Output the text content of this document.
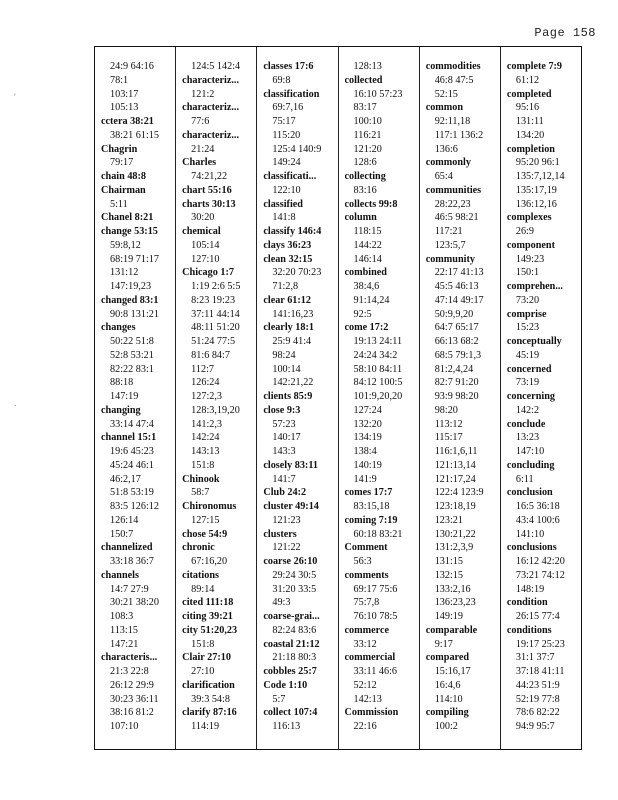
Page 158
'
.
24:9 64:16
78:1
103:17
105:13
cctera 38:21
38:21 61:15
Chagrin
79:17
chain 48:8
Chairman
5:11
Chanel 8:21
change 53:15
59:8,12
68:19 71:17
131:12
147:19,23
changed 83:1
90:8 131:21
changes
50:22 51:8
52:8 53:21
82:22 83:1
88:18
147:19
changing
33:14 47:4
channel 15:1
19:6 45:23
45:24 46:1
46:2,17
51:8 53:19
83:5 126:12
126:14
150:7
channelized
33:18 36:7
channels
14:7 27:9
30:21 38:20
108:3
113:15
147:21
characteris...
21:3 22:8
26:12 29:9
30:23 36:11
38:16 81:2
107:10
124:5 142:4
characteriz...
121:2
characteriz...
77:6
characteriz...
21:24
Charles
74:21,22
chart 55:16
charts 30:13
30:20
chemical
105:14
127:10
Chicago 1:7
1:19 2:6 5:5
8:23 19:23
37:11 44:14
48:11 51:20
51:24 77:5
81:6 84:7
112:7
126:24
127:2,3
128:3,19,20
141:2,3
142:24
143:13
151:8
Chinook
58:7
Chironomus
127:15
chose 54:9
chronic
67:16,20
citations
89:14
cited 111:18
citing 39:21
city 51:20,23
151:8
Clair 27:10
27:10
clarification
39:3 54:8
clarify 87:16
114:19
classes 17:6
69:8
classification
69:7,16
75:17
115:20
125:4 140:9
149:24
classificati...
122:10
classified
141:8
classify 146:4
clays 36:23
clean 32:15
32:20 70:23
71:2,8
clear 61:12
141:16,23
clearly 18:1
25:9 41:4
98:24
100:14
142:21,22
clients 85:9
close 9:3
57:23
140:17
143:3
closely 83:11
141:7
Club 24:2
cluster 49:14
121:23
clusters
121:22
coarse 26:10
29:24 30:5
31:20 33:5
49:3
coarse-grai...
82:24 83:6
coastal 21:12
21:18 80:3
cobbles 25:7
Code 1:10
5:7
collect 107:4
116:13
128:13
collected
16:10 57:23
83:17
100:10
116:21
121:20
128:6
collecting
83:16
collects 99:8
column
118:15
144:22
146:14
combined
38:4,6
91:14,24
92:5
come 17:2
19:13 24:11
24:24 34:2
58:10 84:11
84:12 100:5
101:9,20,20
127:24
132:20
134:19
138:4
140:19
141:9
comes 17:7
83:15,18
coming 7:19
60:18 83:21
Comment
56:3
comments
69:17 75:6
75:7,8
76:10 78:5
commerce
33:12
commercial
33:11 46:6
52:12
142:13
Commission
22:16
commodities
46:8 47:5
52:15
common
92:11,18
117:1 136:2
136:6
commonly
65:4
communities
28:22,23
46:5 98:21
117:21
123:5,7
community
22:17 41:13
45:5 46:13
47:14 49:17
50:9,9,20
64:7 65:17
66:13 68:2
68:5 79:1,3
81:2,4,24
82:7 91:20
93:9 98:20
98:20
113:12
115:17
116:1,6,11
121:13,14
121:17,24
122:4 123:9
123:18,19
123:21
130:21,22
131:2,3,9
131:15
132:15
133:2,16
136:23,23
149:19
comparable
9:17
compared
15:16,17
16:4,6
114:10
compiling
100:2
complete 7:9
61:12
completed
95:16
131:11
134:20
completion
95:20 96:1
135:7,12,14
135:17,19
136:12,16
complexes
26:9
component
149:23
150:1
comprehen...
73:20
comprise
15:23
conceptually
45:19
concerned
73:19
concerning
142:2
conclude
13:23
147:10
concluding
6:11
conclusion
16:5 36:18
43:4 100:6
141:10
conclusions
16:12 42:20
73:21 74:12
148:19
condition
26:15 77:4
conditions
19:17 25:23
31:1 37:7
37:18 41:11
44:23 51:9
52:19 77:8
78:6 82:22
94:9 95:7
